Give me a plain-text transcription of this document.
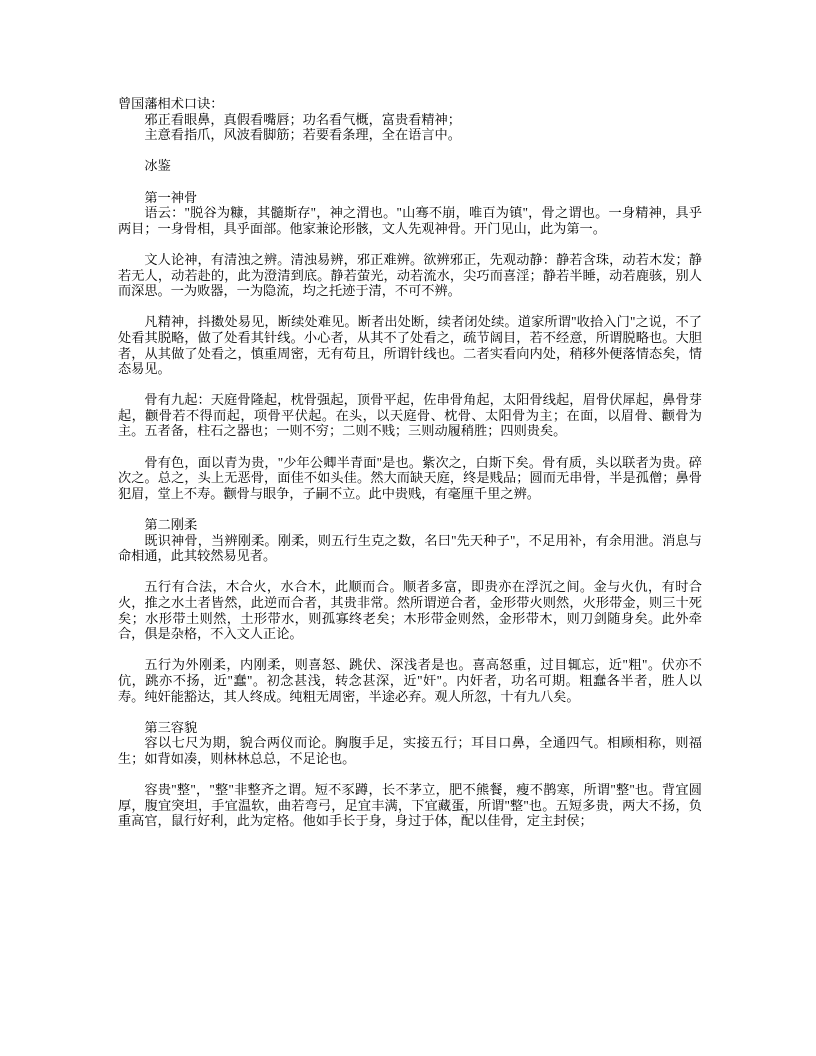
曾国藩相术口诀：

邪正看眼鼻，真假看嘴唇；功名看气概，富贵看精神；

主意看指爪，风波看脚筋；若要看条理，全在语言中。

冰鉴

第一神骨

语云："脱谷为糠，其髓斯存"，神之渭也。"山骞不崩，唯百为镇"，骨之谓也。一身精神，具乎两目；一身骨相，具乎面部。他家兼论形骸，文人先观神骨。开门见山，此为第一。

文人论神，有清浊之辨。清浊易辨，邪正难辨。欲辨邪正，先观动静：静若含珠，动若木发；静若无人，动若赴的，此为澄清到底。静若萤光，动若流水，尖巧而喜淫；静若半睡，动若鹿骇，别人而深思。一为败器，一为隐流，均之托迹于清，不可不辨。

凡精神，抖擞处易见，断续处难见。断者出处断，续者闭处续。道家所谓"收拾入门"之说，不了处看其脱略，做了处看其针线。小心者，从其不了处看之，疏节阔目，若不经意，所谓脱略也。大胆者，从其做了处看之，慎重周密，无有苟且，所谓针线也。二者实看向内处，稍移外便落情态矣，情态易见。

骨有九起：天庭骨隆起，枕骨强起，顶骨平起，佐串骨角起，太阳骨线起，眉骨伏犀起，鼻骨芽起，颧骨若不得而起，项骨平伏起。在头，以天庭骨、枕骨、太阳骨为主；在面，以眉骨、颧骨为主。五者备，柱石之器也；一则不穷；二则不贱；三则动履稍胜；四则贵矣。

骨有色，面以青为贵，"少年公卿半青面"是也。紫次之，白斯下矣。骨有质，头以联者为贵。碎次之。总之，头上无恶骨，面佳不如头佳。然大而缺天庭，终是贱品；圆而无串骨，半是孤僧；鼻骨犯眉，堂上不寿。颧骨与眼争，子嗣不立。此中贵贱，有毫厘千里之辨。

第二刚柔

既识神骨，当辨刚柔。刚柔，则五行生克之数，名曰"先天种子"，不足用补，有余用泄。消息与命相通，此其较然易见者。

五行有合法，木合火，水合木，此顺而合。顺者多富，即贵亦在浮沉之间。金与火仇，有时合火，推之水土者皆然，此逆而合者，其贵非常。然所谓逆合者，金形带火则然，火形带金，则三十死矣；水形带土则然，土形带水，则孤寡终老矣；木形带金则然，金形带木，则刀剑随身矣。此外牵合，俱是杂格，不入文人正论。

五行为外刚柔，内刚柔，则喜怒、跳伏、深浅者是也。喜高怒重，过目辄忘，近"粗"。伏亦不伉，跳亦不扬，近"蠢"。初念甚浅，转念甚深，近"奸"。内奸者，功名可期。粗蠢各半者，胜人以寿。纯奸能豁达，其人终成。纯粗无周密，半途必弃。观人所忽，十有九八矣。

第三容貌

容以七尺为期，貌合两仪而论。胸腹手足，实接五行；耳目口鼻，全通四气。相顾相称，则福生；如背如凑，则林林总总，不足论也。

容贵"整"，"整"非整齐之谓。短不豕蹲，长不茅立，肥不熊餐，瘦不鹊寒，所谓"整"也。背宜圆厚，腹宜突坦，手宜温软，曲若弯弓，足宜丰满，下宜藏蛋，所谓"整"也。五短多贵，两大不扬，负重高官，鼠行好利，此为定格。他如手长于身，身过于体，配以佳骨，定主封侯；
